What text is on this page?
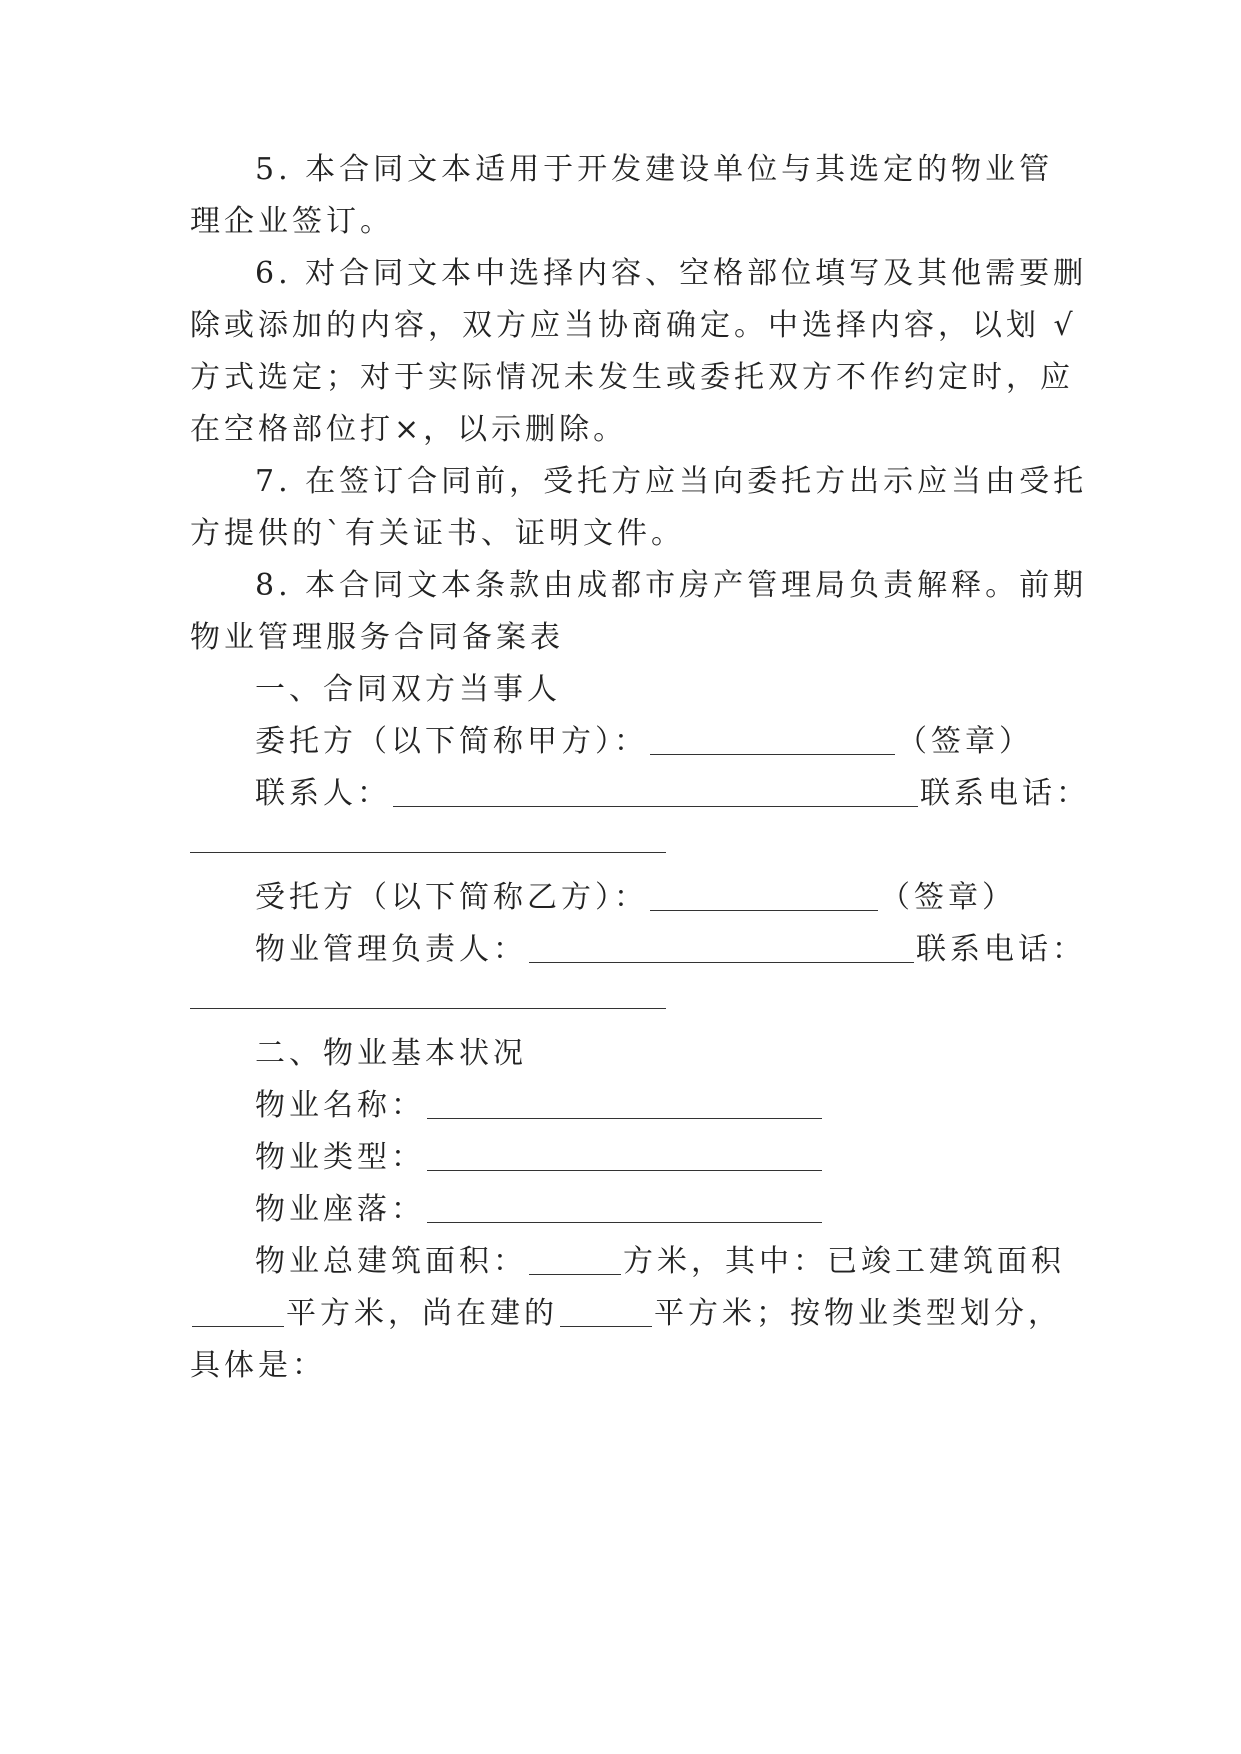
5. 本合同文本适用于开发建设单位与其选定的物业管
理企业签订。
6. 对合同文本中选择内容、空格部位填写及其他需要删
除或添加的内容，双方应当协商确定。中选择内容，以划 √
方式选定；对于实际情况未发生或委托双方不作约定时，应
在空格部位打×，以示删除。
7. 在签订合同前，受托方应当向委托方出示应当由受托
方提供的`有关证书、证明文件。
8. 本合同文本条款由成都市房产管理局负责解释。前期
物业管理服务合同备案表
一、合同双方当事人
委托方（以下简称甲方）：	（签章）
联系人：	联系电话：
受托方（以下简称乙方）：	（签章）
物业管理负责人：	联系电话：
二、物业基本状况
物业名称：
物业类型：
物业座落：
物业总建筑面积：	方米，其中：已竣工建筑面积
平方米，尚在建的	平方米；按物业类型划分，
具体是：
